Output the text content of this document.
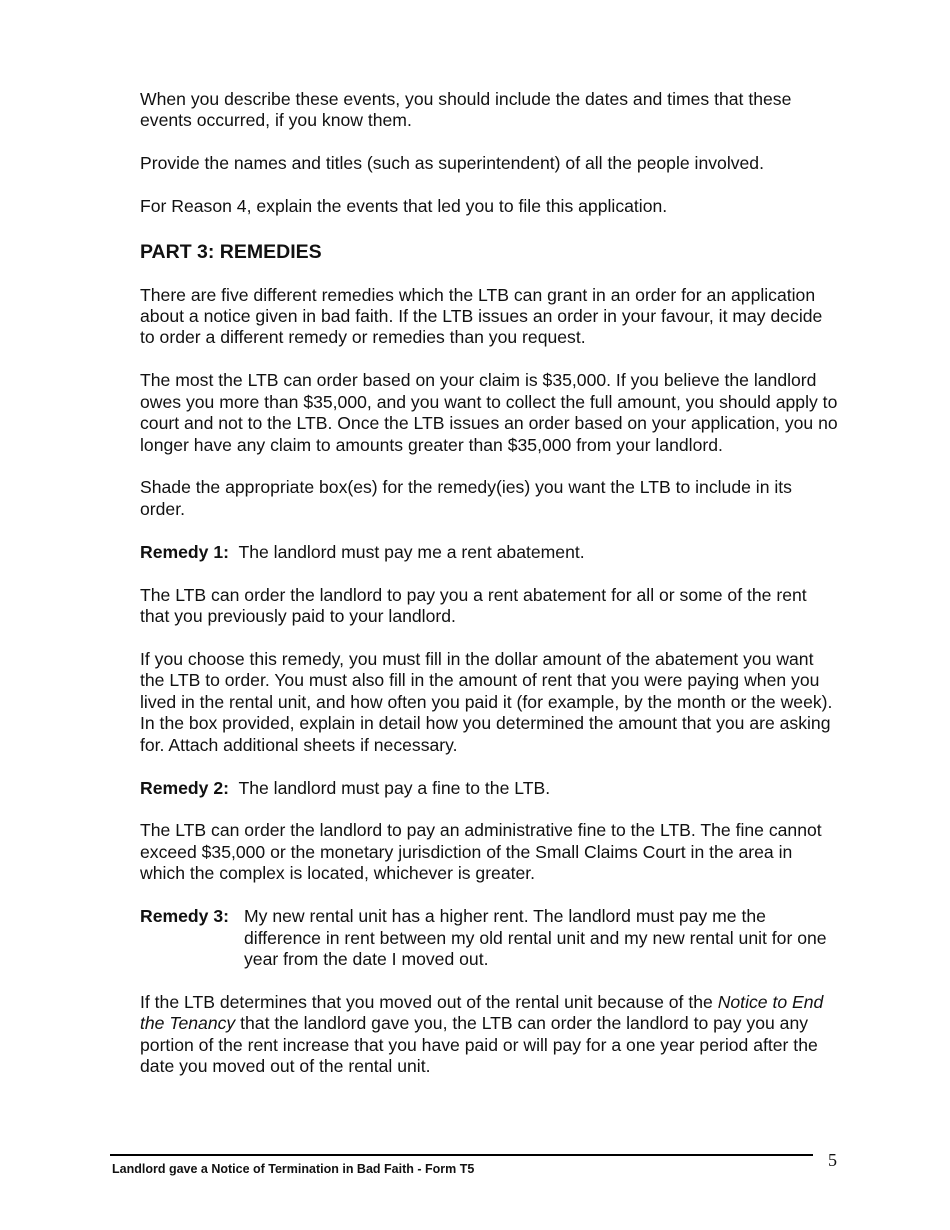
When you describe these events, you should include the dates and times that these events occurred, if you know them.

Provide the names and titles (such as superintendent) of all the people involved.

For Reason 4, explain the events that led you to file this application.

PART 3: REMEDIES

There are five different remedies which the LTB can grant in an order for an application about a notice given in bad faith. If the LTB issues an order in your favour, it may decide to order a different remedy or remedies than you request.

The most the LTB can order based on your claim is $35,000. If you believe the landlord owes you more than $35,000, and you want to collect the full amount, you should apply to court and not to the LTB. Once the LTB issues an order based on your application, you no longer have any claim to amounts greater than $35,000 from your landlord.

Shade the appropriate box(es) for the remedy(ies) you want the LTB to include in its order.

Remedy 1: The landlord must pay me a rent abatement.

The LTB can order the landlord to pay you a rent abatement for all or some of the rent that you previously paid to your landlord.

If you choose this remedy, you must fill in the dollar amount of the abatement you want the LTB to order. You must also fill in the amount of rent that you were paying when you lived in the rental unit, and how often you paid it (for example, by the month or the week). In the box provided, explain in detail how you determined the amount that you are asking for. Attach additional sheets if necessary.

Remedy 2: The landlord must pay a fine to the LTB.

The LTB can order the landlord to pay an administrative fine to the LTB. The fine cannot exceed $35,000 or the monetary jurisdiction of the Small Claims Court in the area in which the complex is located, whichever is greater.

Remedy 3: My new rental unit has a higher rent. The landlord must pay me the difference in rent between my old rental unit and my new rental unit for one year from the date I moved out.

If the LTB determines that you moved out of the rental unit because of the Notice to End the Tenancy that the landlord gave you, the LTB can order the landlord to pay you any portion of the rent increase that you have paid or will pay for a one year period after the date you moved out of the rental unit.

Landlord gave a Notice of Termination in Bad Faith - Form T5	5
